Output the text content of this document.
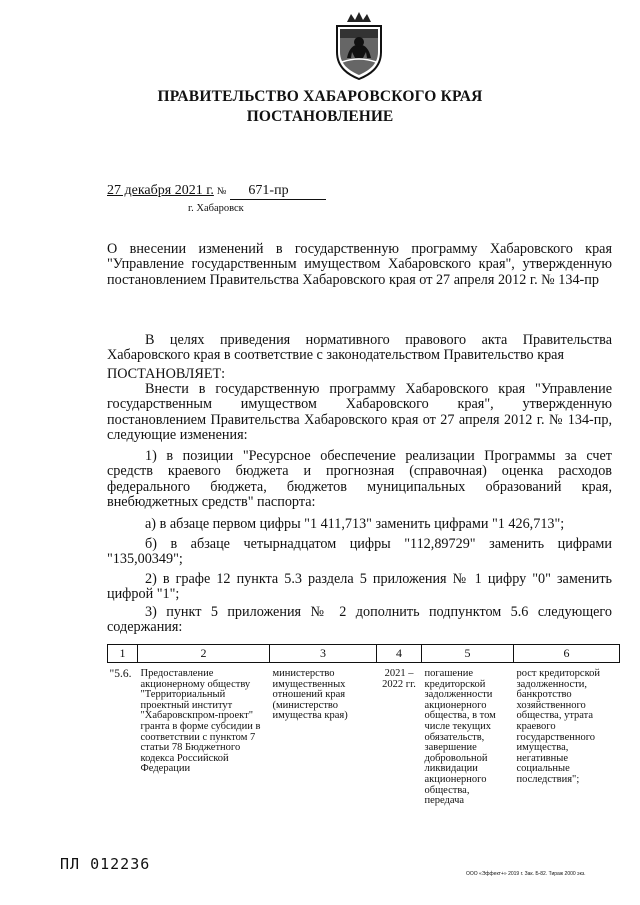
ПРАВИТЕЛЬСТВО ХАБАРОВСКОГО КРАЯ
ПОСТАНОВЛЕНИЕ
27 декабря 2021 г. № 671-пр
г. Хабаровск
О внесении изменений в государственную программу Хабаровского края "Управление государственным имуществом Хабаровского края", утвержденную постановлением Правительства Хабаровского края от 27 апреля 2012 г. № 134-пр
В целях приведения нормативного правового акта Правительства Хабаровского края в соответствие с законодательством Правительство края
ПОСТАНОВЛЯЕТ:
Внести в государственную программу Хабаровского края "Управление государственным имуществом Хабаровского края", утвержденную постановлением Правительства Хабаровского края от 27 апреля 2012 г. № 134-пр, следующие изменения:
1) в позиции "Ресурсное обеспечение реализации Программы за счет средств краевого бюджета и прогнозная (справочная) оценка расходов федерального бюджета, бюджетов муниципальных образований края, внебюджетных средств" паспорта:
а) в абзаце первом цифры "1 411,713" заменить цифрами "1 426,713";
б) в абзаце четырнадцатом цифры "112,89729" заменить цифрами "135,00349";
2) в графе 12 пункта 5.3 раздела 5 приложения № 1 цифру "0" заменить цифрой "1";
3) пункт 5 приложения № 2 дополнить подпунктом 5.6 следующего содержания:
1	2	3	4	5	6
"5.6.	Предоставление акционерному обществу "Территориальный проектный институт "Хабаровскпром-проект" гранта в форме субсидии в соответствии с пунктом 7 статьи 78 Бюджетного кодекса Российской Федерации	министерство имущественных отношений края (министерство имущества края)	2021 – 2022 гг.	погашение кредиторской задолженности акционерного общества, в том числе текущих обязательств, завершение добровольной ликвидации акционерного общества, передача	рост кредиторской задолженности, банкротство хозяйственного общества, утрата краевого государственного имущества, негативные социальные последствия";
ПЛ 012236
ООО «Эффект+» 2019 г. Зак. Б-82. Тираж 2000 экз.
